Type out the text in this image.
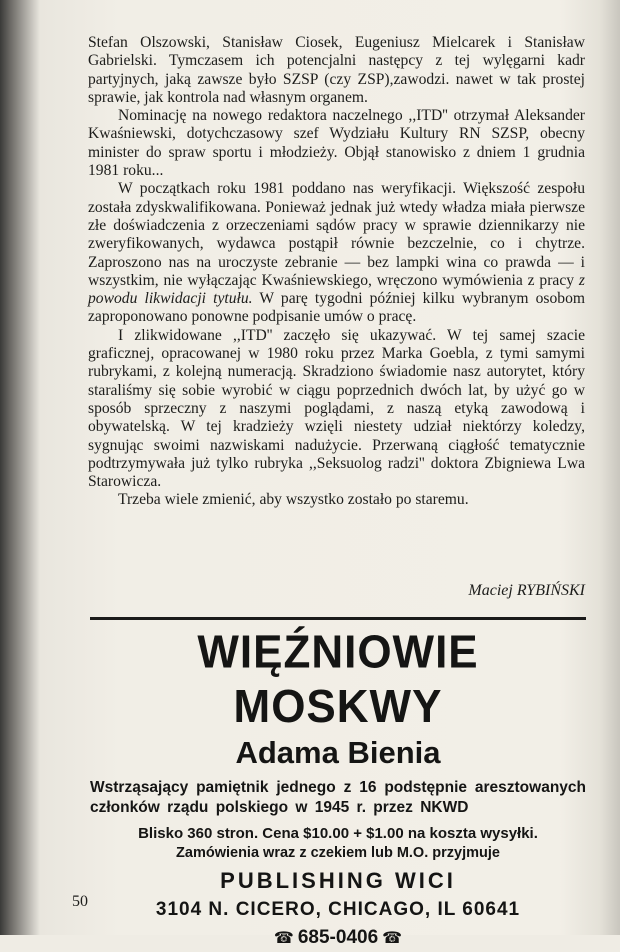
Stefan Olszowski, Stanisław Ciosek, Eugeniusz Mielcarek i Stanisław Gabrielski. Tymczasem ich potencjalni następcy z tej wylęgarni kadr partyjnych, jaką zawsze było SZSP (czy ZSP),zawodzi. nawet w tak prostej sprawie, jak kontrola nad własnym organem.

Nominację na nowego redaktora naczelnego ,,ITD'' otrzymał Aleksander Kwaśniewski, dotychczasowy szef Wydziału Kultury RN SZSP, obecny minister do spraw sportu i młodzieży. Objął stanowisko z dniem 1 grudnia 1981 roku...

W początkach roku 1981 poddano nas weryfikacji. Większość zespołu została zdyskwalifikowana. Ponieważ jednak już wtedy władza miała pierwsze złe doświadczenia z orzeczeniami sądów pracy w sprawie dziennikarzy nie zweryfikowanych, wydawca postąpił równie bezczelnie, co i chytrze. Zaproszono nas na uroczyste zebranie — bez lampki wina co prawda — i wszystkim, nie wyłączając Kwaśniewskiego, wręczono wymówienia z pracy z powodu likwidacji tytułu. W parę tygodni później kilku wybranym osobom zaproponowano ponowne podpisanie umów o pracę.

I zlikwidowane ,,ITD'' zaczęło się ukazywać. W tej samej szacie graficznej, opracowanej w 1980 roku przez Marka Goebla, z tymi samymi rubrykami, z kolejną numeracją. Skradziono świadomie nasz autorytet, który staraliśmy się sobie wyrobić w ciągu poprzednich dwóch lat, by użyć go w sposób sprzeczny z naszymi poglądami, z naszą etyką zawodową i obywatelską. W tej kradzieży wzięli niestety udział niektórzy koledzy, sygnując swoimi nazwiskami nadużycie. Przerwaną ciągłość tematycznie podtrzymywała już tylko rubryka ,,Seksuolog radzi'' doktora Zbigniewa Lwa Starowicza.

Trzeba wiele zmienić, aby wszystko zostało po staremu.

Maciej RYBIŃSKI
WIĘŹNIOWIE MOSKWY
Adama Bienia
Wstrząsający pamiętnik jednego z 16 podstępnie aresztowanych członków rządu polskiego w 1945 r. przez NKWD
Blisko 360 stron. Cena $10.00 + $1.00 na koszta wysyłki.
Zamówienia wraz z czekiem lub M.O. przyjmuje
PUBLISHING WICI
3104 N. CICERO, CHICAGO, IL 60641
☎ 685-0406 ☎
50
